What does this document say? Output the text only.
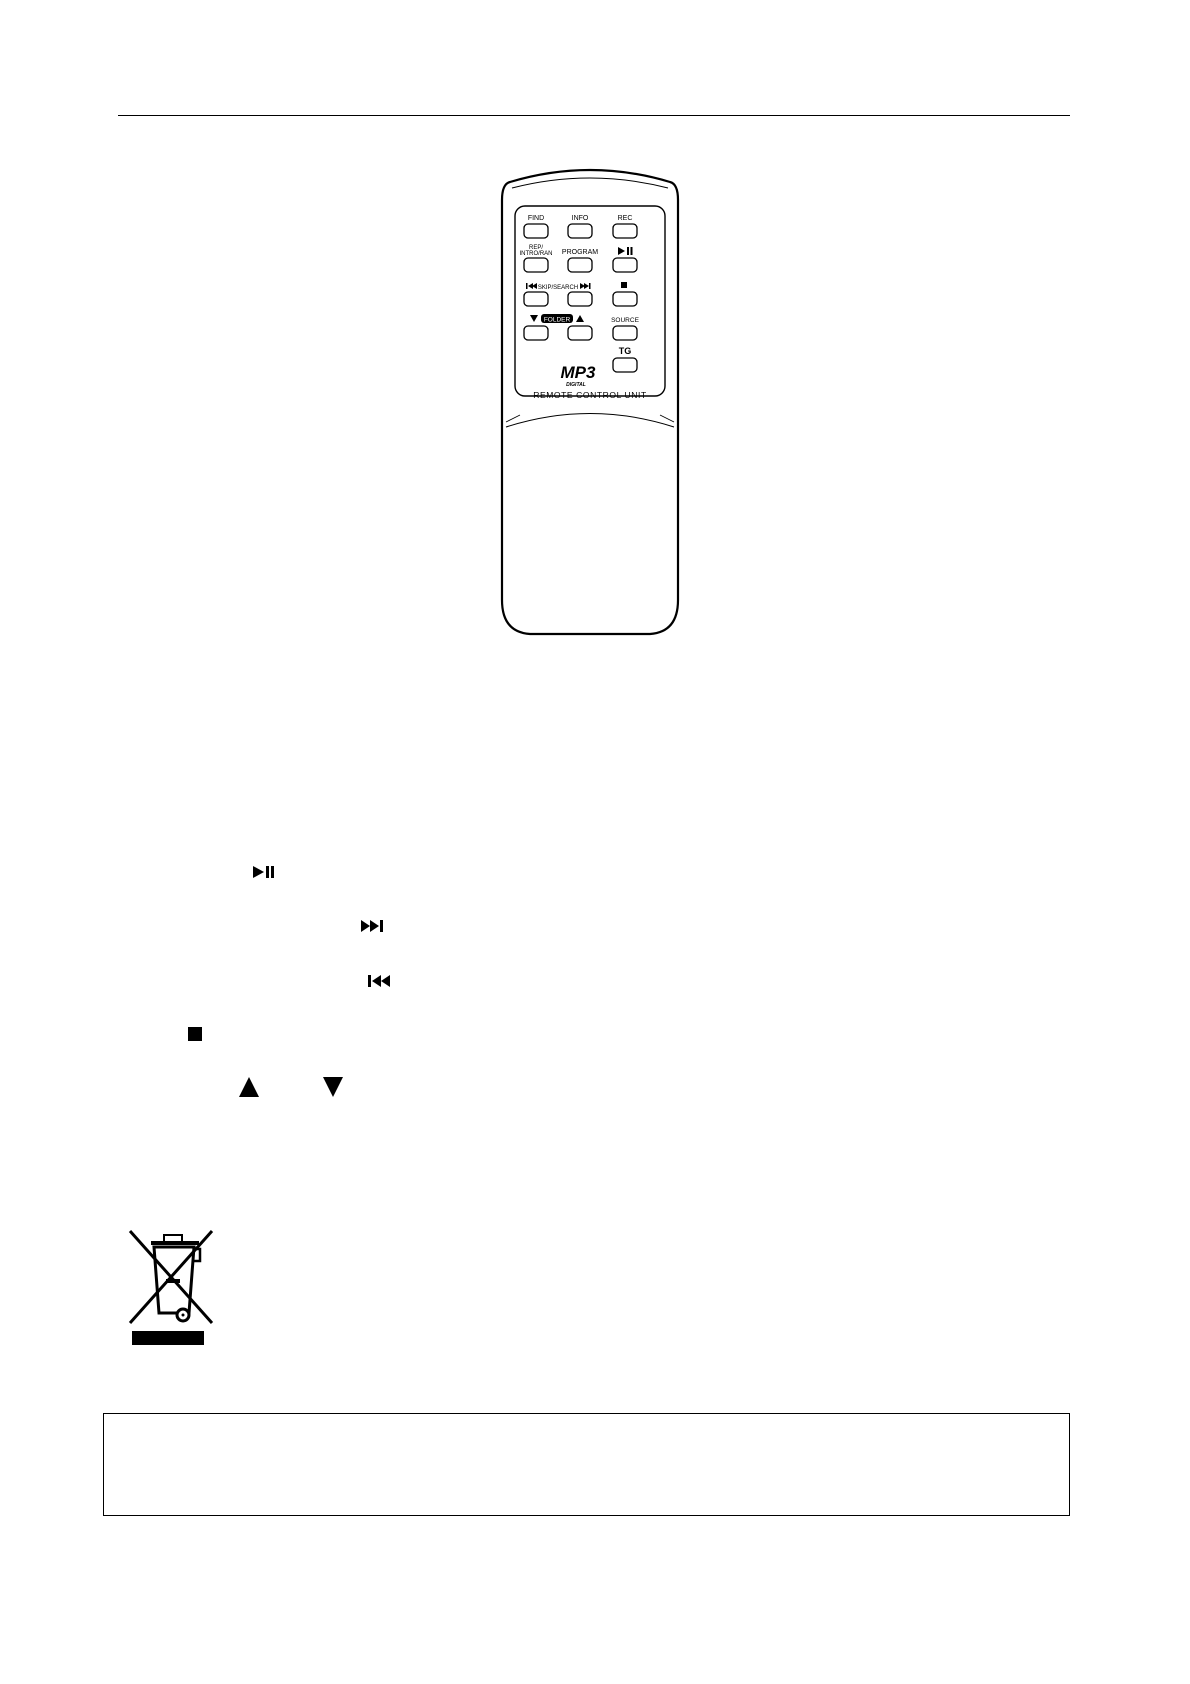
FIND	INFO	REC
REP/
INTRO/RAN PROGRAM
SKIP/SEARCH
FOLDER	SOURCE
TG
MP3
DIGITAL
REMOTE CONTROL UNIT
